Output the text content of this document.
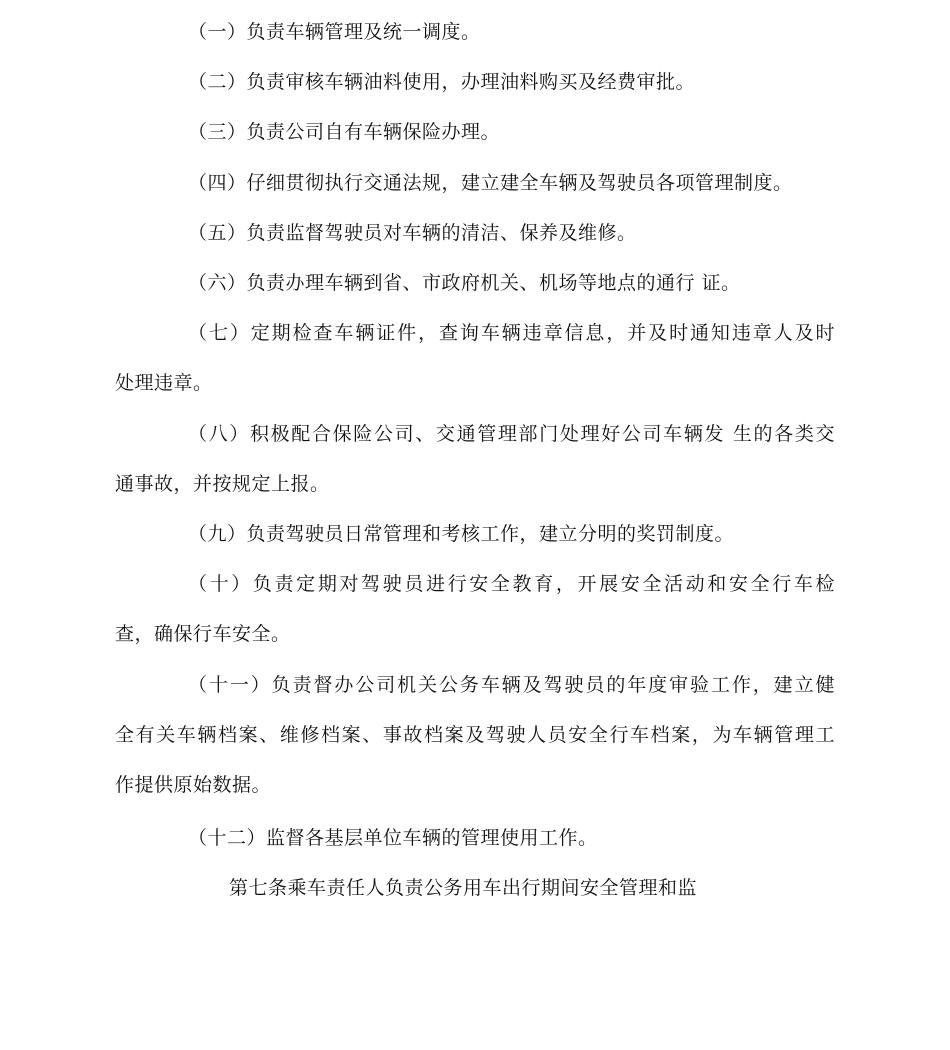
（一）负责车辆管理及统一调度。
（二）负责审核车辆油料使用，办理油料购买及经费审批。
（三）负责公司自有车辆保险办理。
（四）仔细贯彻执行交通法规，建立建全车辆及驾驶员各项管理制度。
（五）负责监督驾驶员对车辆的清洁、保养及维修。
（六）负责办理车辆到省、市政府机关、机场等地点的通行 证。
（七）定期检查车辆证件，查询车辆违章信息，并及时通知违章人及时
处理违章。
（八）积极配合保险公司、交通管理部门处理好公司车辆发 生的各类交
通事故，并按规定上报。
（九）负责驾驶员日常管理和考核工作，建立分明的奖罚制度。
（十）负责定期对驾驶员进行安全教育，开展安全活动和安全行车检
查，确保行车安全。
（十一）负责督办公司机关公务车辆及驾驶员的年度审验工作，建立健
全有关车辆档案、维修档案、事故档案及驾驶人员安全行车档案，为车辆管理工
作提供原始数据。
（十二）监督各基层单位车辆的管理使用工作。
第七条乘车责任人负责公务用车出行期间安全管理和监
